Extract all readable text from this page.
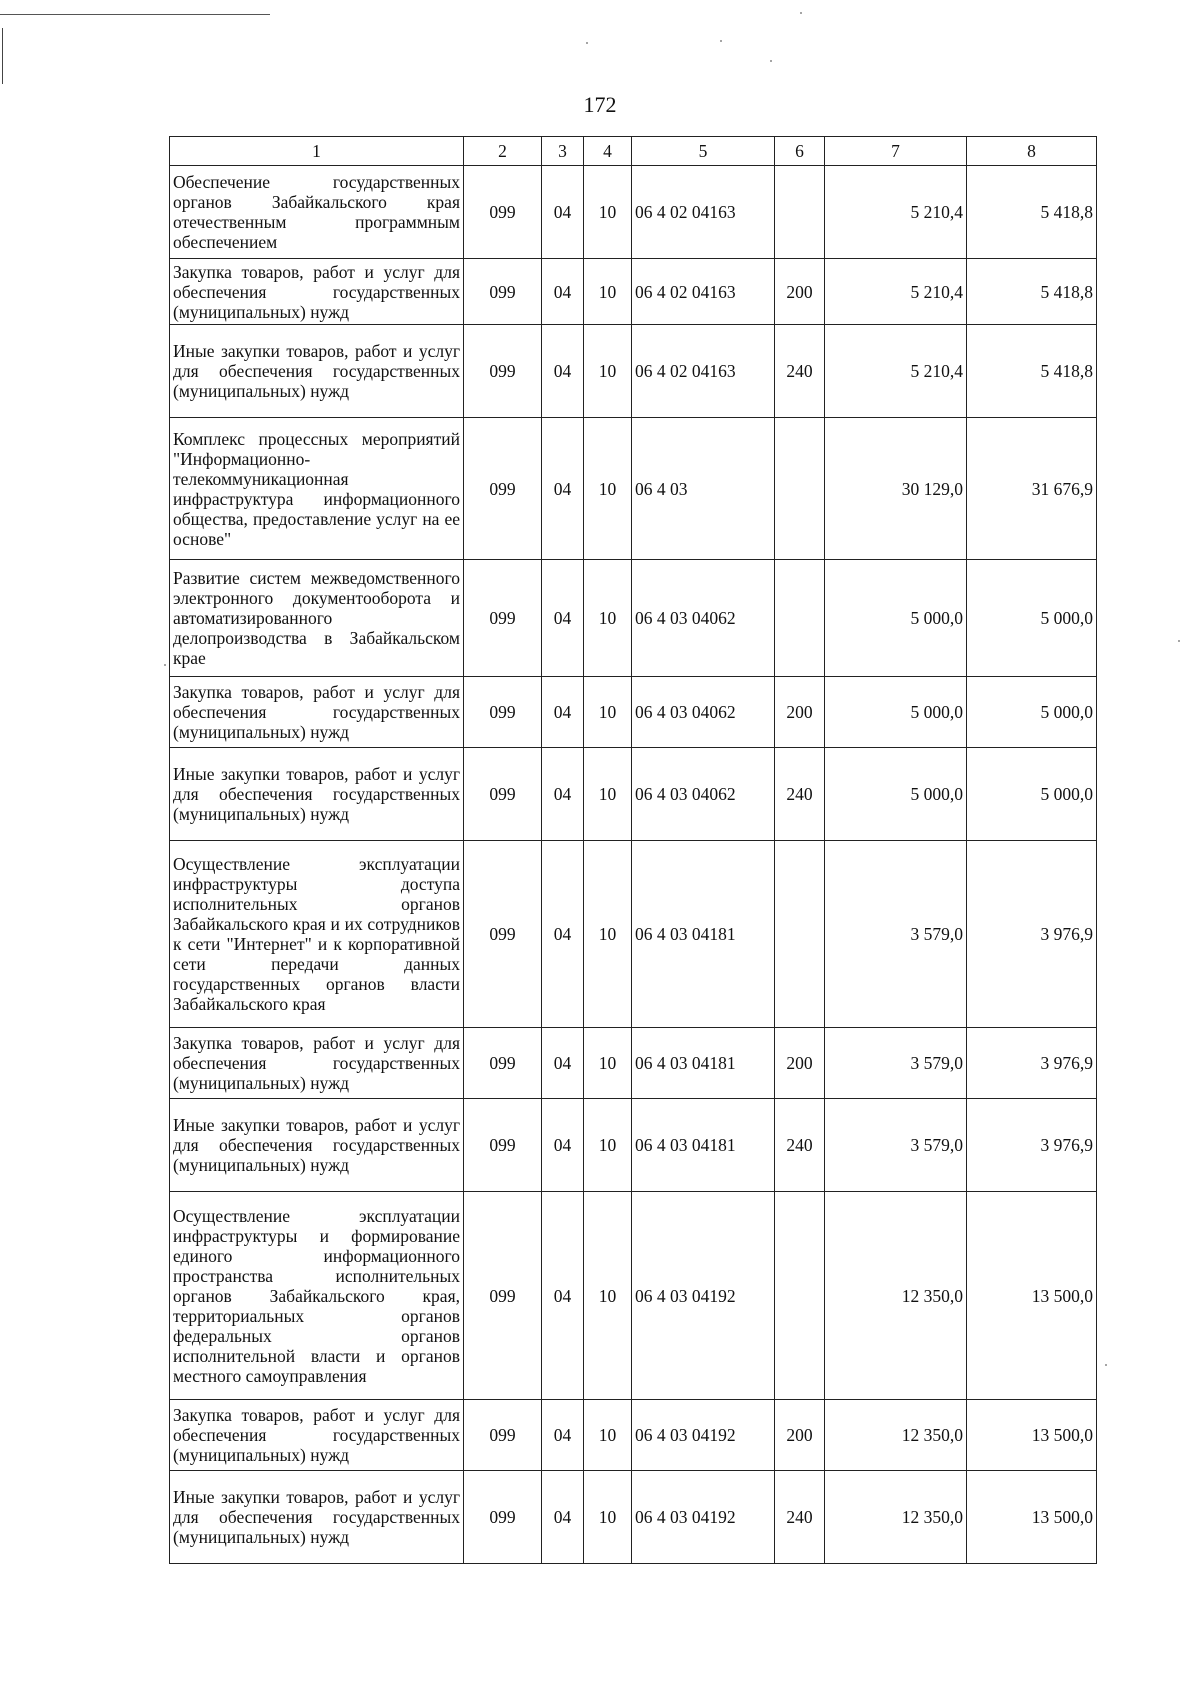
172
1	2	3	4	5	6	7	8
Обеспечение государственных органов Забайкальского края отечественным программным обеспечением	099	04	10	06 4 02 04163		5 210,4	5 418,8
Закупка товаров, работ и услуг для обеспечения государственных (муниципальных) нужд	099	04	10	06 4 02 04163	200	5 210,4	5 418,8
Иные закупки товаров, работ и услуг для обеспечения государственных (муниципальных) нужд	099	04	10	06 4 02 04163	240	5 210,4	5 418,8
Комплекс процессных мероприятий "Информационно-телекоммуникационная инфраструктура информационного общества, предоставление услуг на ее основе"	099	04	10	06 4 03		30 129,0	31 676,9
Развитие систем межведомственного электронного документооборота и автоматизированного делопроизводства в Забайкальском крае	099	04	10	06 4 03 04062		5 000,0	5 000,0
Закупка товаров, работ и услуг для обеспечения государственных (муниципальных) нужд	099	04	10	06 4 03 04062	200	5 000,0	5 000,0
Иные закупки товаров, работ и услуг для обеспечения государственных (муниципальных) нужд	099	04	10	06 4 03 04062	240	5 000,0	5 000,0
Осуществление эксплуатации инфраструктуры доступа исполнительных органов Забайкальского края и их сотрудников к сети "Интернет" и к корпоративной сети передачи данных государственных органов власти Забайкальского края	099	04	10	06 4 03 04181		3 579,0	3 976,9
Закупка товаров, работ и услуг для обеспечения государственных (муниципальных) нужд	099	04	10	06 4 03 04181	200	3 579,0	3 976,9
Иные закупки товаров, работ и услуг для обеспечения государственных (муниципальных) нужд	099	04	10	06 4 03 04181	240	3 579,0	3 976,9
Осуществление эксплуатации инфраструктуры и формирование единого информационного пространства исполнительных органов Забайкальского края, территориальных органов федеральных органов исполнительной власти и органов местного самоуправления	099	04	10	06 4 03 04192		12 350,0	13 500,0
Закупка товаров, работ и услуг для обеспечения государственных (муниципальных) нужд	099	04	10	06 4 03 04192	200	12 350,0	13 500,0
Иные закупки товаров, работ и услуг для обеспечения государственных (муниципальных) нужд	099	04	10	06 4 03 04192	240	12 350,0	13 500,0
